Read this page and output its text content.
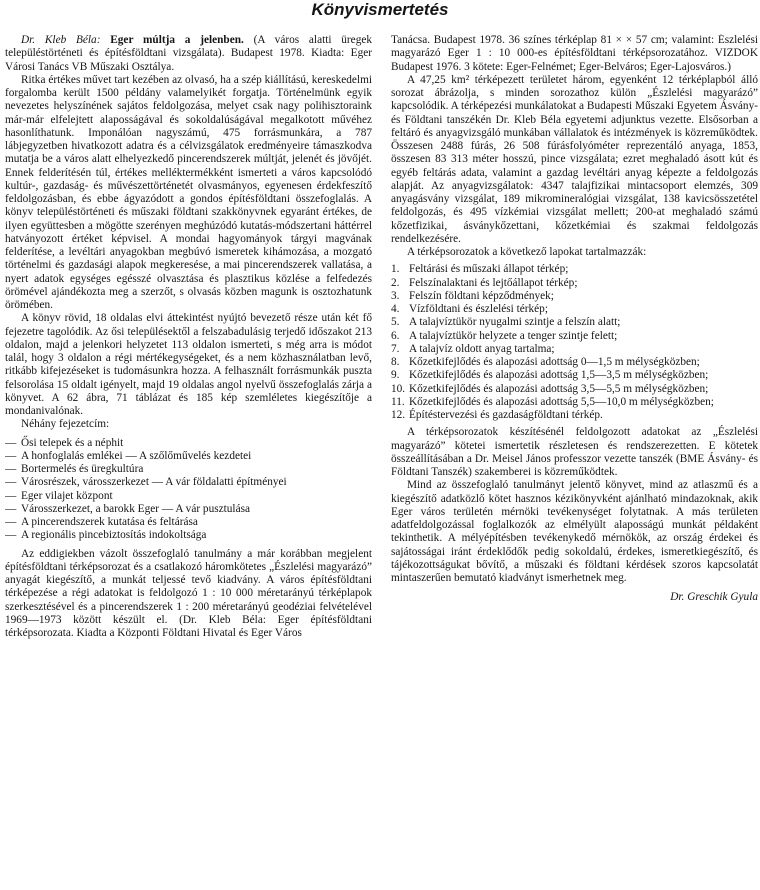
Könyvismertetés

Dr. Kleb Béla: Eger múltja a jelenben. (A város alatti üregek településtörténeti és építésföldtani vizsgálata). Budapest 1978. Kiadta: Eger Városi Tanács VB Műszaki Osztálya.

Ritka értékes művet tart kezében az olvasó, ha a szép kiállítású, kereskedelmi forgalomba került 1500 példány valamelyikét forgatja. Történelmünk egyik nevezetes helyszínének sajátos feldolgozása, melyet csak nagy polihisztoraink már-már elfelejtett alaposságával és sokoldalúságával megalkotott művéhez hasonlíthatunk. Imponálóan nagyszámú, 475 forrásmunkára, a 787 lábjegyzetben hivatkozott adatra és a célvizsgálatok eredményeire támaszkodva mutatja be a város alatt elhelyezkedő pincerendszerek múltját, jelenét és jövőjét. Ennek felderítésén túl, értékes melléktermékként ismerteti a város kapcsolódó kultúr-, gazdaság- és művészettörténetét olvasmányos, egyenesen érdekfeszítő feldolgozásban, és ebbe ágyazódott a gondos építésföldtani összefoglalás. A könyv településtörténeti és műszaki földtani szakkönyvnek egyaránt értékes, de ilyen együttesben a mögötte szerényen meghúzódó kutatás-módszertani háttérrel hatványozott értéket képvisel. A mondai hagyományok tárgyi magvának felderítése, a levéltári anyagokban megbúvó ismeretek kihámozása, a mozgató történelmi és gazdasági alapok megkeresése, a mai pincerendszerek vallatása, a nyert adatok egységes egésszé olvasztása és plasztikus közlése a felfedezés örömével ajándékozta meg a szerzőt, s olvasás közben magunk is osztozhatunk örömében.

A könyv rövid, 18 oldalas elvi áttekintést nyújtó bevezető része után két fő fejezetre tagolódik. Az ősi településektől a felszabadulásig terjedő időszakot 213 oldalon, majd a jelenkori helyzetet 113 oldalon ismerteti, s még arra is módot talál, hogy 3 oldalon a régi mértékegységeket, és a nem közhasználatban levő, ritkább kifejezéseket is tudomásunkra hozza. A felhasznált forrásmunkák puszta felsorolása 15 oldalt igényelt, majd 19 oldalas angol nyelvű összefoglalás zárja a könyvet. A 62 ábra, 71 táblázat és 185 kép szemléletes kiegészítője a mondanivalónak.

Néhány fejezetcím:

— Ősi telepek és a néphit
— A honfoglalás emlékei — A szőlőművelés kezdetei
— Bortermelés és üregkultúra
— Városrészek, városszerkezet — A vár földalatti építményei
— Eger vilajet központ
— Városszerkezet, a barokk Eger — A vár pusztulása
— A pincerendszerek kutatása és feltárása
— A regionális pincebiztosítás indokoltsága

Az eddigiekben vázolt összefoglaló tanulmány a már korábban megjelent építésföldtani térképsorozat és a csatlakozó háromkötetes „Észlelési magyarázó” anyagát kiegészítő, a munkát teljessé tevő kiadvány. A város építésföldtani térképezése a régi adatokat is feldolgozó 1 : 10 000 méretarányú térképlapok szerkesztésével és a pincerendszerek 1 : 200 méretarányú geodéziai felvételével 1969—1973 között készült el. (Dr. Kleb Béla: Eger építésföldtani térképsorozata. Kiadta a Központi Földtani Hivatal és Eger Város

Tanácsa. Budapest 1978. 36 színes térképlap 81 × × 57 cm; valamint: Észlelési magyarázó Eger 1 : 10 000-es építésföldtani térképsorozatához. VIZDOK Budapest 1976. 3 kötete: Eger-Felnémet; Eger-Belváros; Eger-Lajosváros.)

A 47,25 km² térképezett területet három, egyenként 12 térképlapból álló sorozat ábrázolja, s minden sorozathoz külön „Észlelési magyarázó” kapcsolódik. A térképezési munkálatokat a Budapesti Műszaki Egyetem Ásvány- és Földtani tanszékén Dr. Kleb Béla egyetemi adjunktus vezette. Elsősorban a feltáró és anyagvizsgáló munkában vállalatok és intézmények is közreműködtek. Összesen 2488 fúrás, 26 508 fúrásfolyóméter reprezentáló anyaga, 1853, összesen 83 313 méter hosszú, pince vizsgálata; ezret meghaladó ásott kút és egyéb feltárás adata, valamint a gazdag levéltári anyag képezte a feldolgozás alapját. Az anyagvizsgálatok: 4347 talajfizikai mintacsoport elemzés, 309 anyagásvány vizsgálat, 189 mikromineralógiai vizsgálat, 138 kavicsösszetétel feldolgozás, és 495 vízkémiai vizsgálat mellett; 200-at meghaladó számú kőzetfizikai, ásványkőzettani, kőzetkémiai és szakmai feldolgozás rendelkezésére.

A térképsorozatok a következő lapokat tartalmazzák:

1. Feltárási és műszaki állapot térkép;
2. Felszínalaktani és lejtőállapot térkép;
3. Felszín földtani képződmények;
4. Vízföldtani és észlelési térkép;
5. A talajvíztükör nyugalmi szintje a felszín alatt;
6. A talajvíztükör helyzete a tenger szintje felett;
7. A talajvíz oldott anyag tartalma;
8. Kőzetkifejlődés és alapozási adottság 0—1,5 m mélységközben;
9. Kőzetkifejlődés és alapozási adottság 1,5—3,5 m mélységközben;
10. Kőzetkifejlődés és alapozási adottság 3,5—5,5 m mélységközben;
11. Kőzetkifejlődés és alapozási adottság 5,5—10,0 m mélységközben;
12. Építéstervezési és gazdaságföldtani térkép.

A térképsorozatok készítésénél feldolgozott adatokat az „Észlelési magyarázó” kötetei ismertetik részletesen és rendszerezetten. E kötetek összeállításában a Dr. Meisel János professzor vezette tanszék (BME Ásvány- és Földtani Tanszék) szakemberei is közreműködtek.

Mind az összefoglaló tanulmányt jelentő könyvet, mind az atlaszmű és a kiegészítő adatközlő kötet hasznos kézikönyvként ajánlható mindazoknak, akik Eger város területén mérnöki tevékenységet folytatnak. A más területen adatfeldolgozással foglalkozók az elmélyült alaposságú munkát példaként tekinthetik. A mélyépítésben tevékenykedő mérnökök, az ország érdekei és sajátosságai iránt érdeklődők pedig sokoldalú, érdekes, ismeretkiegészítő, és tájékozottságukat bővítő, a műszaki és földtani kérdések szoros kapcsolatát mintaszerűen bemutató kiadványt ismerhetnek meg.

Dr. Greschik Gyula
